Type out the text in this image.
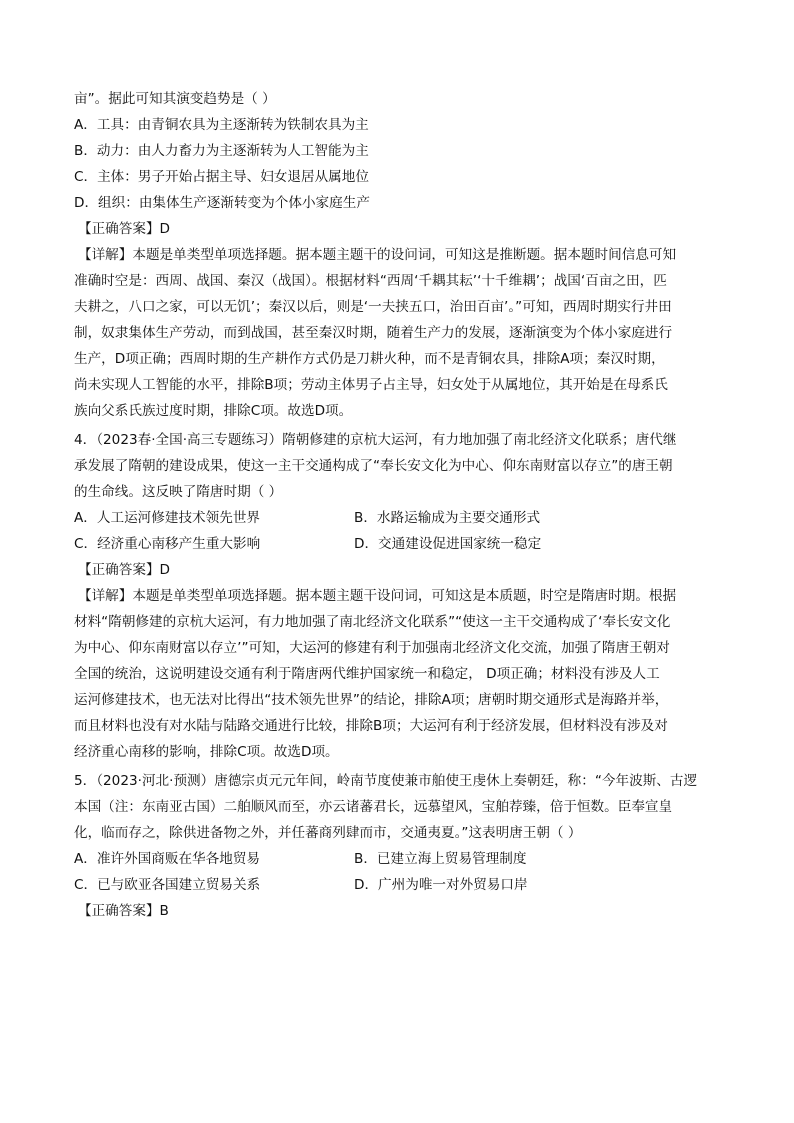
亩”。据此可知其演变趋势是（ ）
A．工具：由青铜农具为主逐渐转为铁制农具为主
B．动力：由人力畜力为主逐渐转为人工智能为主
C．主体：男子开始占据主导、妇女退居从属地位
D．组织：由集体生产逐渐转变为个体小家庭生产
【正确答案】D
【详解】本题是单类型单项选择题。据本题主题干的设问词，可知这是推断题。据本题时间信息可知
准确时空是：西周、战国、秦汉（战国）。根据材料“西周‘千耦其耘’‘十千维耦’；战国‘百亩之田，匹
夫耕之，八口之家，可以无饥’；秦汉以后，则是‘一夫挟五口，治田百亩’。”可知，西周时期实行井田
制，奴隶集体生产劳动，而到战国，甚至秦汉时期，随着生产力的发展，逐渐演变为个体小家庭进行
生产，D项正确；西周时期的生产耕作方式仍是刀耕火种，而不是青铜农具，排除A项；秦汉时期，
尚未实现人工智能的水平，排除B项；劳动主体男子占主导，妇女处于从属地位，其开始是在母系氏
族向父系氏族过度时期，排除C项。故选D项。
4．（2023春·全国·高三专题练习）隋朝修建的京杭大运河，有力地加强了南北经济文化联系；唐代继
承发展了隋朝的建设成果，使这一主干交通构成了“奉长安文化为中心、仰东南财富以存立”的唐王朝
的生命线。这反映了隋唐时期（ ）
A．人工运河修建技术领先世界	B．水路运输成为主要交通形式
C．经济重心南移产生重大影响	D．交通建设促进国家统一稳定
【正确答案】D
【详解】本题是单类型单项选择题。据本题主题干设问词，可知这是本质题，时空是隋唐时期。根据
材料“隋朝修建的京杭大运河，有力地加强了南北经济文化联系”“使这一主干交通构成了‘奉长安文化
为中心、仰东南财富以存立’”可知，大运河的修建有利于加强南北经济文化交流，加强了隋唐王朝对
全国的统治，这说明建设交通有利于隋唐两代维护国家统一和稳定， D项正确；材料没有涉及人工
运河修建技术，也无法对比得出“技术领先世界”的结论，排除A项；唐朝时期交通形式是海路并举，
而且材料也没有对水陆与陆路交通进行比较，排除B项；大运河有利于经济发展，但材料没有涉及对
经济重心南移的影响，排除C项。故选D项。
5．（2023·河北·预测）唐德宗贞元元年间，岭南节度使兼市舶使王虔休上奏朝廷，称：“今年波斯、古逻
本国（注：东南亚古国）二舶顺风而至，亦云诸蕃君长，远慕望风，宝舶荐臻，倍于恒数。臣奉宣皇
化，临而存之，除供进备物之外，并任蕃商列肆而市，交通夷夏。”这表明唐王朝（ ）
A．准许外国商贩在华各地贸易	B．已建立海上贸易管理制度
C．已与欧亚各国建立贸易关系	D．广州为唯一对外贸易口岸
【正确答案】B
